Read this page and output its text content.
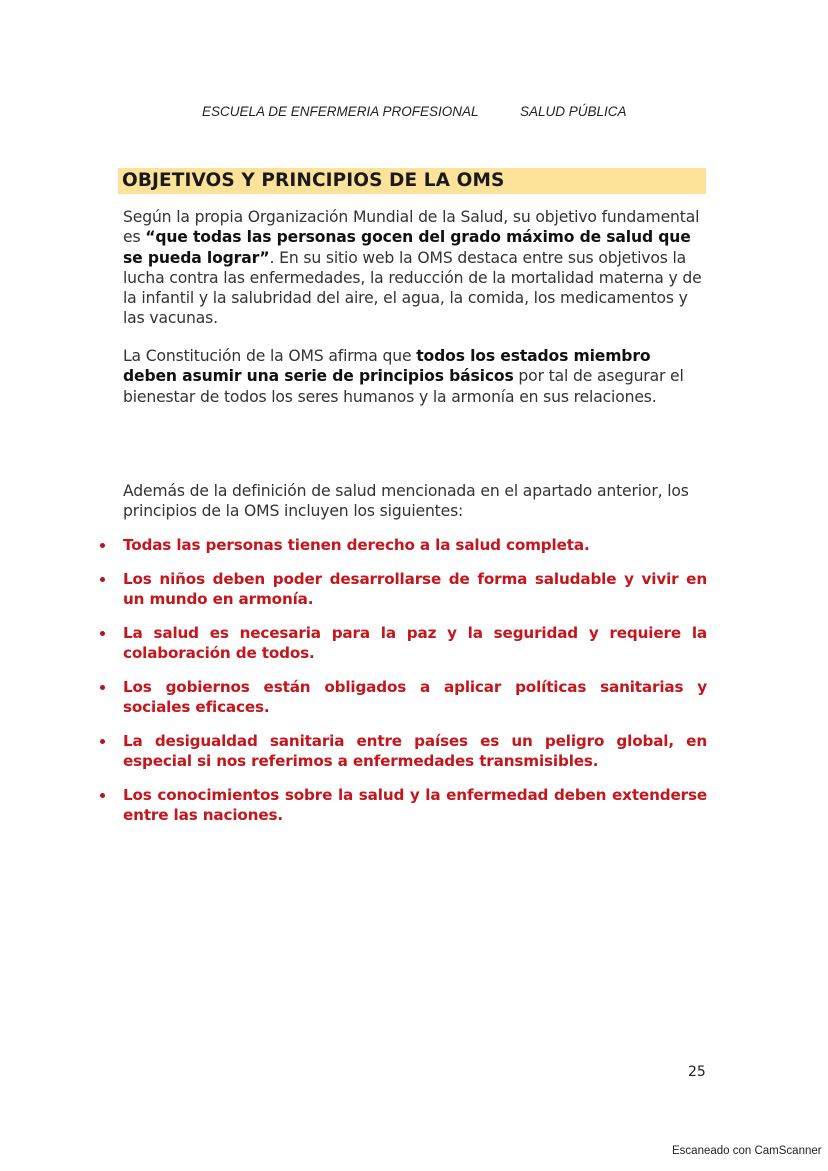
ESCUELA DE ENFERMERIA PROFESIONAL	SALUD PÚBLICA
OBJETIVOS Y PRINCIPIOS DE LA OMS
Según la propia Organización Mundial de la Salud, su objetivo fundamental es “que todas las personas gocen del grado máximo de salud que se pueda lograr”. En su sitio web la OMS destaca entre sus objetivos la lucha contra las enfermedades, la reducción de la mortalidad materna y de la infantil y la salubridad del aire, el agua, la comida, los medicamentos y las vacunas.
La Constitución de la OMS afirma que todos los estados miembro deben asumir una serie de principios básicos por tal de asegurar el bienestar de todos los seres humanos y la armonía en sus relaciones.
Además de la definición de salud mencionada en el apartado anterior, los principios de la OMS incluyen los siguientes:
Todas las personas tienen derecho a la salud completa.
Los niños deben poder desarrollarse de forma saludable y vivir en un mundo en armonía.
La salud es necesaria para la paz y la seguridad y requiere la colaboración de todos.
Los gobiernos están obligados a aplicar políticas sanitarias y sociales eficaces.
La desigualdad sanitaria entre países es un peligro global, en especial si nos referimos a enfermedades transmisibles.
Los conocimientos sobre la salud y la enfermedad deben extenderse entre las naciones.
25
Escaneado con CamScanner
